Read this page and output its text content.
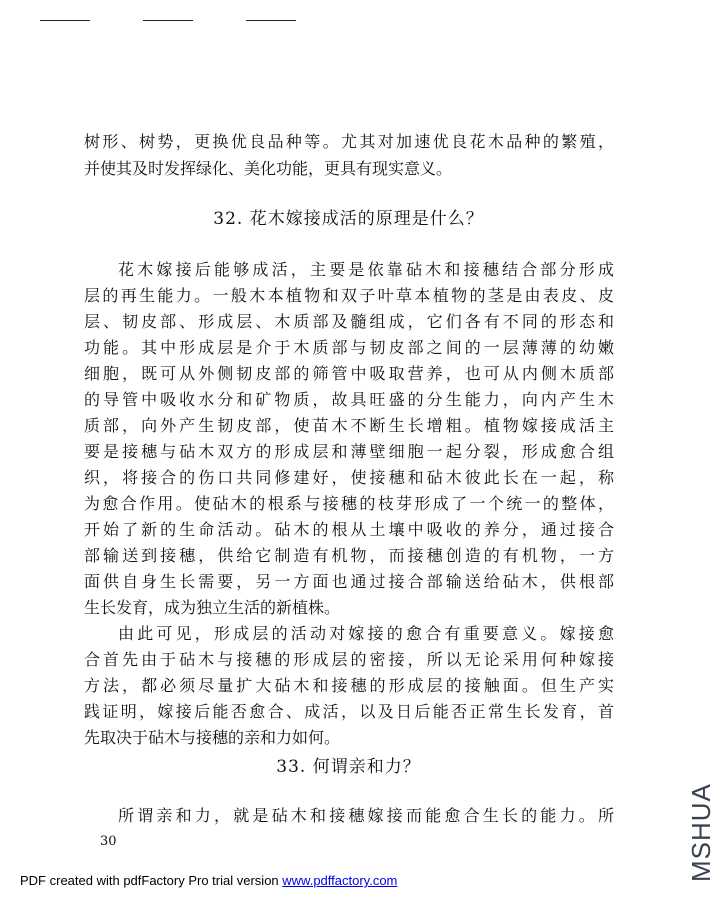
树形、树势，更换优良品种等。尤其对加速优良花木品种的繁殖，
并使其及时发挥绿化、美化功能，更具有现实意义。
32. 花木嫁接成活的原理是什么？
花木嫁接后能够成活，主要是依靠砧木和接穗结合部分形成
层的再生能力。一般木本植物和双子叶草本植物的茎是由表皮、皮
层、韧皮部、形成层、木质部及髓组成，它们各有不同的形态和
功能。其中形成层是介于木质部与韧皮部之间的一层薄薄的幼嫩
细胞，既可从外侧韧皮部的筛管中吸取营养，也可从内侧木质部
的导管中吸收水分和矿物质，故具旺盛的分生能力，向内产生木
质部，向外产生韧皮部，使苗木不断生长增粗。植物嫁接成活主
要是接穗与砧木双方的形成层和薄壁细胞一起分裂，形成愈合组
织，将接合的伤口共同修建好，使接穗和砧木彼此长在一起，称
为愈合作用。使砧木的根系与接穗的枝芽形成了一个统一的整体，
开始了新的生命活动。砧木的根从土壤中吸收的养分，通过接合
部输送到接穗，供给它制造有机物，而接穗创造的有机物，一方
面供自身生长需要，另一方面也通过接合部输送给砧木，供根部
生长发育，成为独立生活的新植株。
由此可见，形成层的活动对嫁接的愈合有重要意义。嫁接愈
合首先由于砧木与接穗的形成层的密接，所以无论采用何种嫁接
方法，都必须尽量扩大砧木和接穗的形成层的接触面。但生产实
践证明，嫁接后能否愈合、成活，以及日后能否正常生长发育，首
先取决于砧木与接穗的亲和力如何。
33. 何谓亲和力？
所谓亲和力，就是砧木和接穗嫁接而能愈合生长的能力。所
30
PDF created with pdfFactory Pro trial version www.pdffactory.com	MSHUA
